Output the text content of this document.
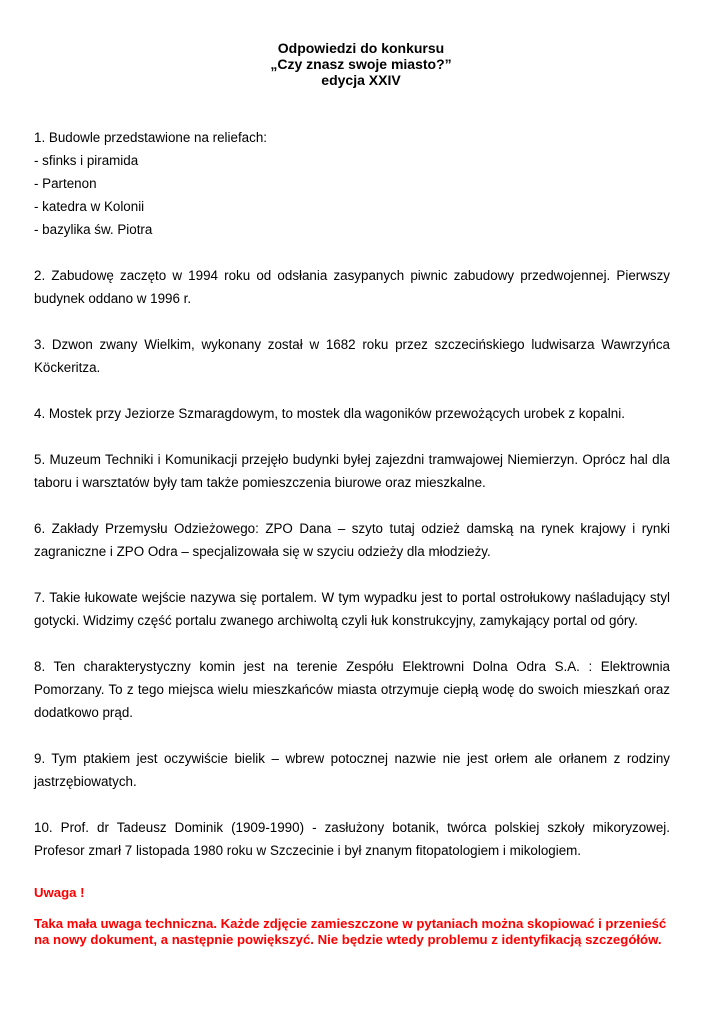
Odpowiedzi do konkursu
„Czy znasz swoje miasto?”
edycja XXIV
1. Budowle przedstawione na reliefach:
- sfinks i piramida
- Partenon
- katedra w Kolonii
- bazylika św. Piotra
2. Zabudowę zaczęto w 1994 roku od odsłania zasypanych piwnic zabudowy przedwojennej. Pierwszy budynek oddano w 1996 r.
3. Dzwon zwany Wielkim, wykonany został w 1682 roku przez szczecińskiego ludwisarza Wawrzyńca Köckeritza.
4. Mostek przy Jeziorze Szmaragdowym, to mostek dla wagoników przewożących urobek z kopalni.
5. Muzeum Techniki i Komunikacji przejęło budynki byłej zajezdni tramwajowej Niemierzyn. Oprócz hal dla taboru i warsztatów były tam także pomieszczenia biurowe oraz mieszkalne.
6. Zakłady Przemysłu Odzieżowego: ZPO Dana – szyto tutaj odzież damską na rynek krajowy i rynki zagraniczne i ZPO Odra – specjalizowała się w szyciu odzieży dla młodzieży.
7. Takie łukowate wejście nazywa się portalem. W tym wypadku jest to portal ostrołukowy naśladujący styl gotycki. Widzimy część portalu zwanego archiwoltą czyli łuk konstrukcyjny, zamykający portal od góry.
8. Ten charakterystyczny komin jest na terenie Zespółu Elektrowni Dolna Odra S.A. : Elektrownia Pomorzany. To z tego miejsca wielu mieszkańców miasta otrzymuje ciepłą wodę do swoich mieszkań oraz dodatkowo prąd.
9. Tym ptakiem jest oczywiście bielik – wbrew potocznej nazwie nie jest orłem ale orłanem z rodziny jastrzębiowatych.
10. Prof. dr Tadeusz Dominik (1909-1990) - zasłużony botanik, twórca polskiej szkoły mikoryzowej. Profesor zmarł 7 listopada 1980 roku w Szczecinie i był znanym fitopatologiem i mikologiem.
Uwaga !
Taka mała uwaga techniczna. Każde zdjęcie zamieszczone w pytaniach można skopiować i przenieść na nowy dokument, a następnie powiększyć. Nie będzie wtedy problemu z identyfikacją szczegółów.
